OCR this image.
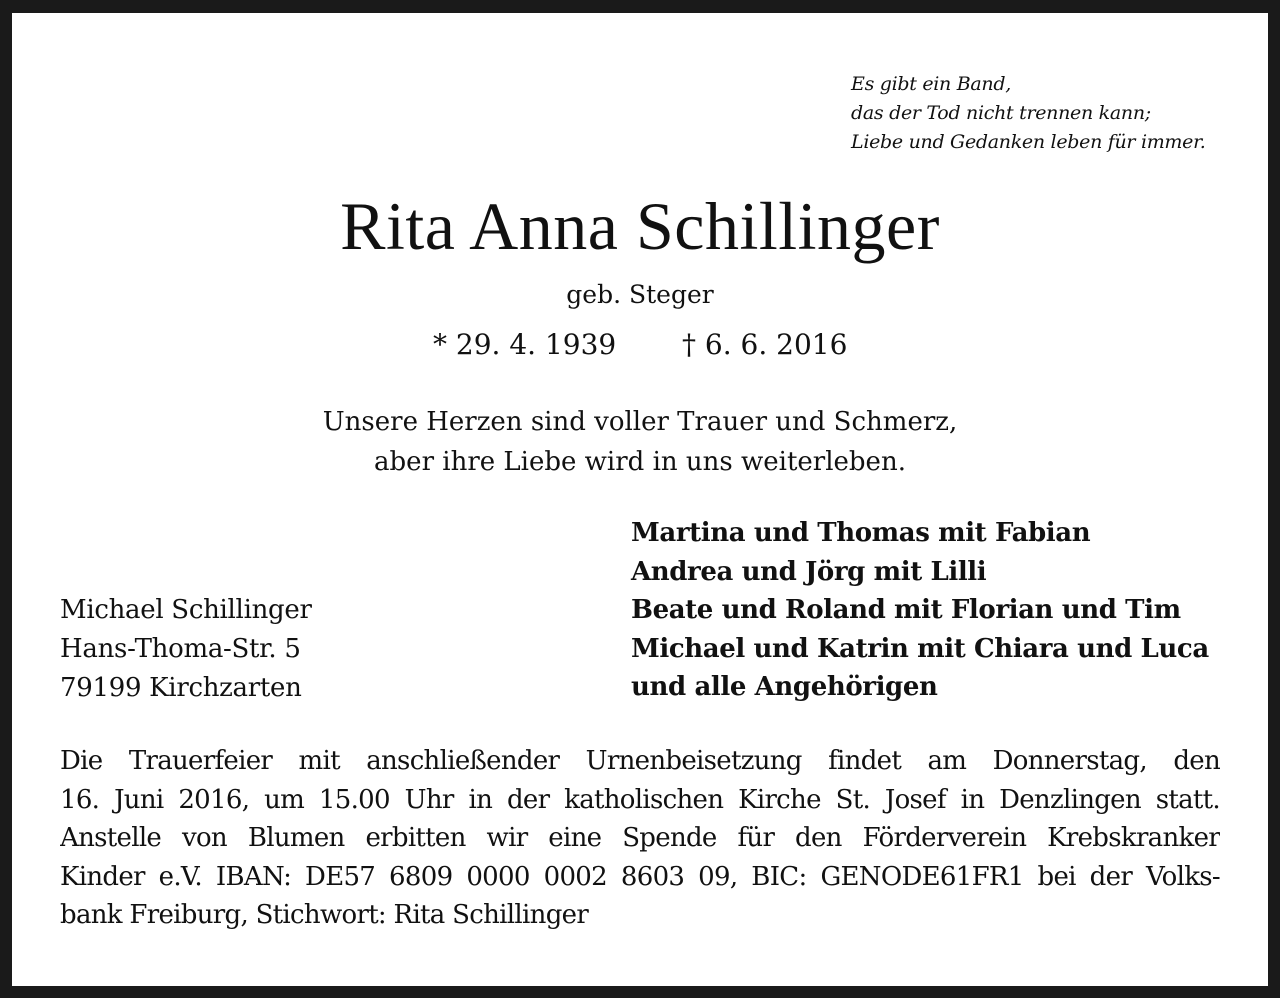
Es gibt ein Band,
das der Tod nicht trennen kann;
Liebe und Gedanken leben für immer.
Rita Anna Schillinger
geb. Steger
* 29. 4. 1939 † 6. 6. 2016
Unsere Herzen sind voller Trauer und Schmerz,
aber ihre Liebe wird in uns weiterleben.
Michael Schillinger
Hans-Thoma-Str. 5
79199 Kirchzarten
Martina und Thomas mit Fabian
Andrea und Jörg mit Lilli
Beate und Roland mit Florian und Tim
Michael und Katrin mit Chiara und Luca
und alle Angehörigen
Die Trauerfeier mit anschließender Urnenbeisetzung findet am Donnerstag, den
16. Juni 2016, um 15.00 Uhr in der katholischen Kirche St. Josef in Denzlingen statt.
Anstelle von Blumen erbitten wir eine Spende für den Förderverein Krebskranker
Kinder e.V. IBAN: DE57 6809 0000 0002 8603 09, BIC: GENODE61FR1 bei der Volks-
bank Freiburg, Stichwort: Rita Schillinger
